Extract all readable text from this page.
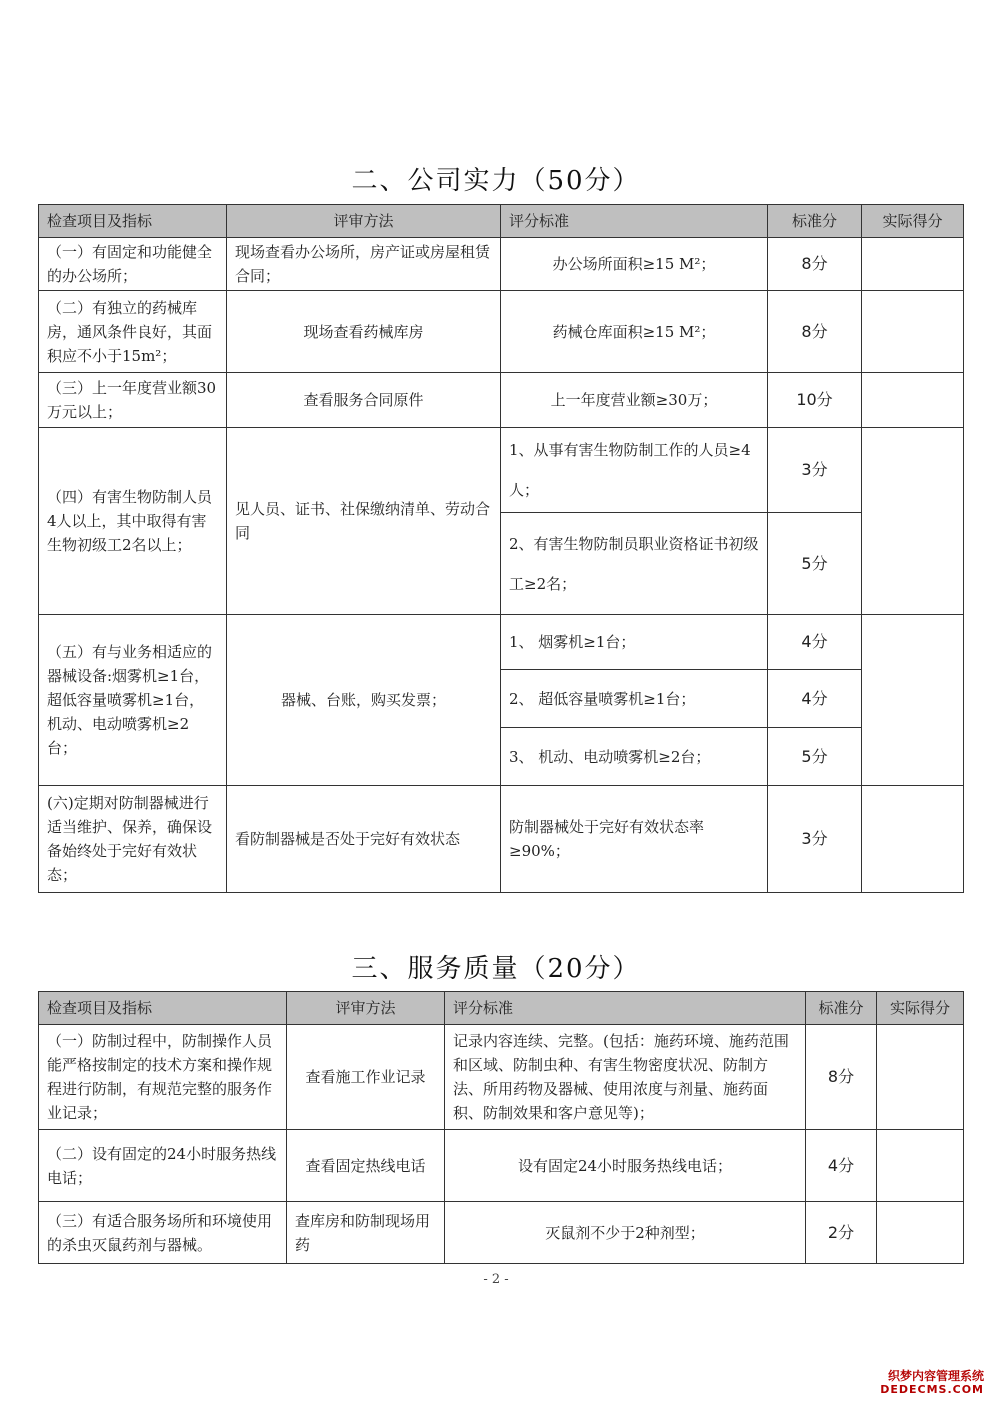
二、公司实力（50分）
检查项目及指标	评审方法	评分标准	标准分	实际得分
（一）有固定和功能健全的办公场所；	现场查看办公场所，房产证或房屋租赁合同；	办公场所面积≥15 M²；	8分	
（二）有独立的药械库房，通风条件良好，其面积应不小于15m²；	现场查看药械库房	药械仓库面积≥15 M²；	8分	
（三）上一年度营业额30万元以上；	查看服务合同原件	上一年度营业额≥30万；	10分	
（四）有害生物防制人员4人以上，其中取得有害生物初级工2名以上；	见人员、证书、社保缴纳清单、劳动合同	1、从事有害生物防制工作的人员≥4人；	3分	
		2、有害生物防制员职业资格证书初级工≥2名；	5分	
（五）有与业务相适应的器械设备:烟雾机≥1台，超低容量喷雾机≥1台，机动、电动喷雾机≥2台；	器械、台账，购买发票；	1、 烟雾机≥1台；	4分	
		2、 超低容量喷雾机≥1台；	4分	
		3、 机动、电动喷雾机≥2台；	5分	
(六)定期对防制器械进行适当维护、保养，确保设备始终处于完好有效状态；	看防制器械是否处于完好有效状态	防制器械处于完好有效状态率≥90%；	3分	
三、服务质量（20分）
检查项目及指标	评审方法	评分标准	标准分	实际得分
（一）防制过程中，防制操作人员能严格按制定的技术方案和操作规程进行防制，有规范完整的服务作业记录；	查看施工作业记录	记录内容连续、完整。(包括：施药环境、施药范围和区域、防制虫种、有害生物密度状况、防制方法、所用药物及器械、使用浓度与剂量、施药面积、防制效果和客户意见等)；	8分	
（二）设有固定的24小时服务热线电话；	查看固定热线电话	设有固定24小时服务热线电话；	4分	
（三）有适合服务场所和环境使用的杀虫灭鼠药剂与器械。	查库房和防制现场用药	灭鼠剂不少于2种剂型；	2分	
- 2 -
织梦内容管理系统
DEDECMS.COM
